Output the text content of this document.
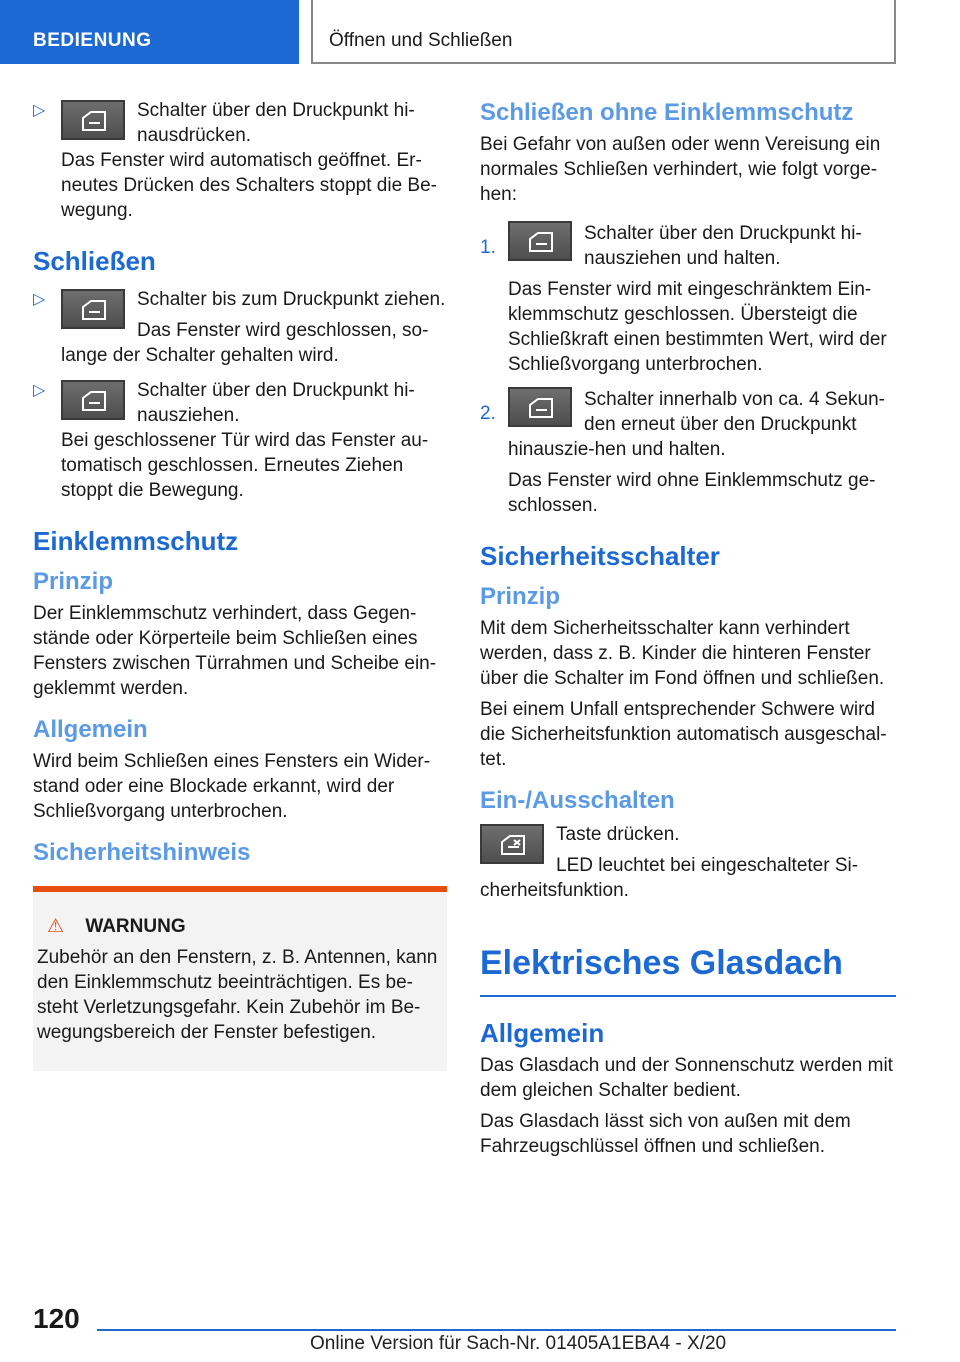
BEDIENUNG	Öffnen und Schließen
▷	Schalter über den Druckpunkt hi-nausdrücken.

Das Fenster wird automatisch geöffnet. Er-neutes Drücken des Schalters stoppt die Be-wegung.

Schließen
▷	Schalter bis zum Druckpunkt ziehen.
Das Fenster wird geschlossen, so-

lange der Schalter gehalten wird.

▷	Schalter über den Druckpunkt hi-nausziehen.

Bei geschlossener Tür wird das Fenster au-tomatisch geschlossen. Erneutes Ziehen stoppt die Bewegung.

Einklemmschutz
Prinzip

Der Einklemmschutz verhindert, dass Gegen-stände oder Körperteile beim Schließen eines Fensters zwischen Türrahmen und Scheibe ein-geklemmt werden.

Allgemein

Wird beim Schließen eines Fensters ein Wider-stand oder eine Blockade erkannt, wird der Schließvorgang unterbrochen.

Sicherheitshinweis
⚠ WARNUNG

Zubehör an den Fenstern, z. B. Antennen, kann den Einklemmschutz beeinträchtigen. Es be-steht Verletzungsgefahr. Kein Zubehör im Be-wegungsbereich der Fenster befestigen.

Schließen ohne Einklemmschutz

Bei Gefahr von außen oder wenn Vereisung ein normales Schließen verhindert, wie folgt vorge-hen:

1.
Schalter über den Druckpunkt hi-nausziehen und halten.

Das Fenster wird mit eingeschränktem Ein-klemmschutz geschlossen. Übersteigt die Schließkraft einen bestimmten Wert, wird der Schließvorgang unterbrochen.

2.
Schalter innerhalb von ca. 4 Sekun-den erneut über den Druckpunkt hinauszie-hen und halten.

Das Fenster wird ohne Einklemmschutz ge-schlossen.

Sicherheitsschalter
Prinzip

Mit dem Sicherheitsschalter kann verhindert werden, dass z. B. Kinder die hinteren Fenster über die Schalter im Fond öffnen und schließen.

Bei einem Unfall entsprechender Schwere wird die Sicherheitsfunktion automatisch ausgeschal-tet.

Ein-/Ausschalten
Taste drücken.
LED leuchtet bei eingeschalteter Si-

cherheitsfunktion.

Elektrisches Glasdach
Allgemein

Das Glasdach und der Sonnenschutz werden mit dem gleichen Schalter bedient.

Das Glasdach lässt sich von außen mit dem Fahrzeugschlüssel öffnen und schließen.

120
Online Version für Sach-Nr. 01405A1EBA4 - X/20
